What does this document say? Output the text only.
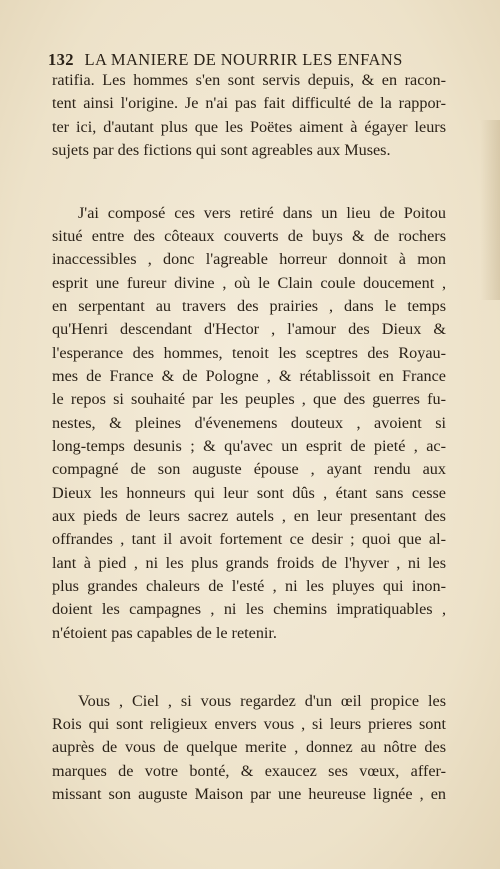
132 LA MANIERE DE NOURRIR LES ENFANS
ratifia. Les hommes s'en sont servis depuis, & en racon-
tent ainsi l'origine. Je n'ai pas fait difficulté de la rappor-
ter ici, d'autant plus que les Poëtes aiment à égayer leurs
sujets par des fictions qui sont agreables aux Muses.
J'ai composé ces vers retiré dans un lieu de Poitou
situé entre des côteaux couverts de buys & de rochers
inaccessibles , donc l'agreable horreur donnoit à mon
esprit une fureur divine , où le Clain coule doucement ,
en serpentant au travers des prairies , dans le temps
qu'Henri descendant d'Hector , l'amour des Dieux &
l'esperance des hommes, tenoit les sceptres des Royau-
mes de France & de Pologne , & rétablissoit en France
le repos si souhaité par les peuples , que des guerres fu-
nestes, & pleines d'évenemens douteux , avoient si
long-temps desunis ; & qu'avec un esprit de pieté , ac-
compagné de son auguste épouse , ayant rendu aux
Dieux les honneurs qui leur sont dûs , étant sans cesse
aux pieds de leurs sacrez autels , en leur presentant des
offrandes , tant il avoit fortement ce desir ; quoi que al-
lant à pied , ni les plus grands froids de l'hyver , ni les
plus grandes chaleurs de l'esté , ni les pluyes qui inon-
doient les campagnes , ni les chemins impratiquables ,
n'étoient pas capables de le retenir.
Vous , Ciel , si vous regardez d'un œil propice les
Rois qui sont religieux envers vous , si leurs prieres sont
auprès de vous de quelque merite , donnez au nôtre des
marques de votre bonté, & exaucez ses vœux, affer-
missant son auguste Maison par une heureuse lignée , en
